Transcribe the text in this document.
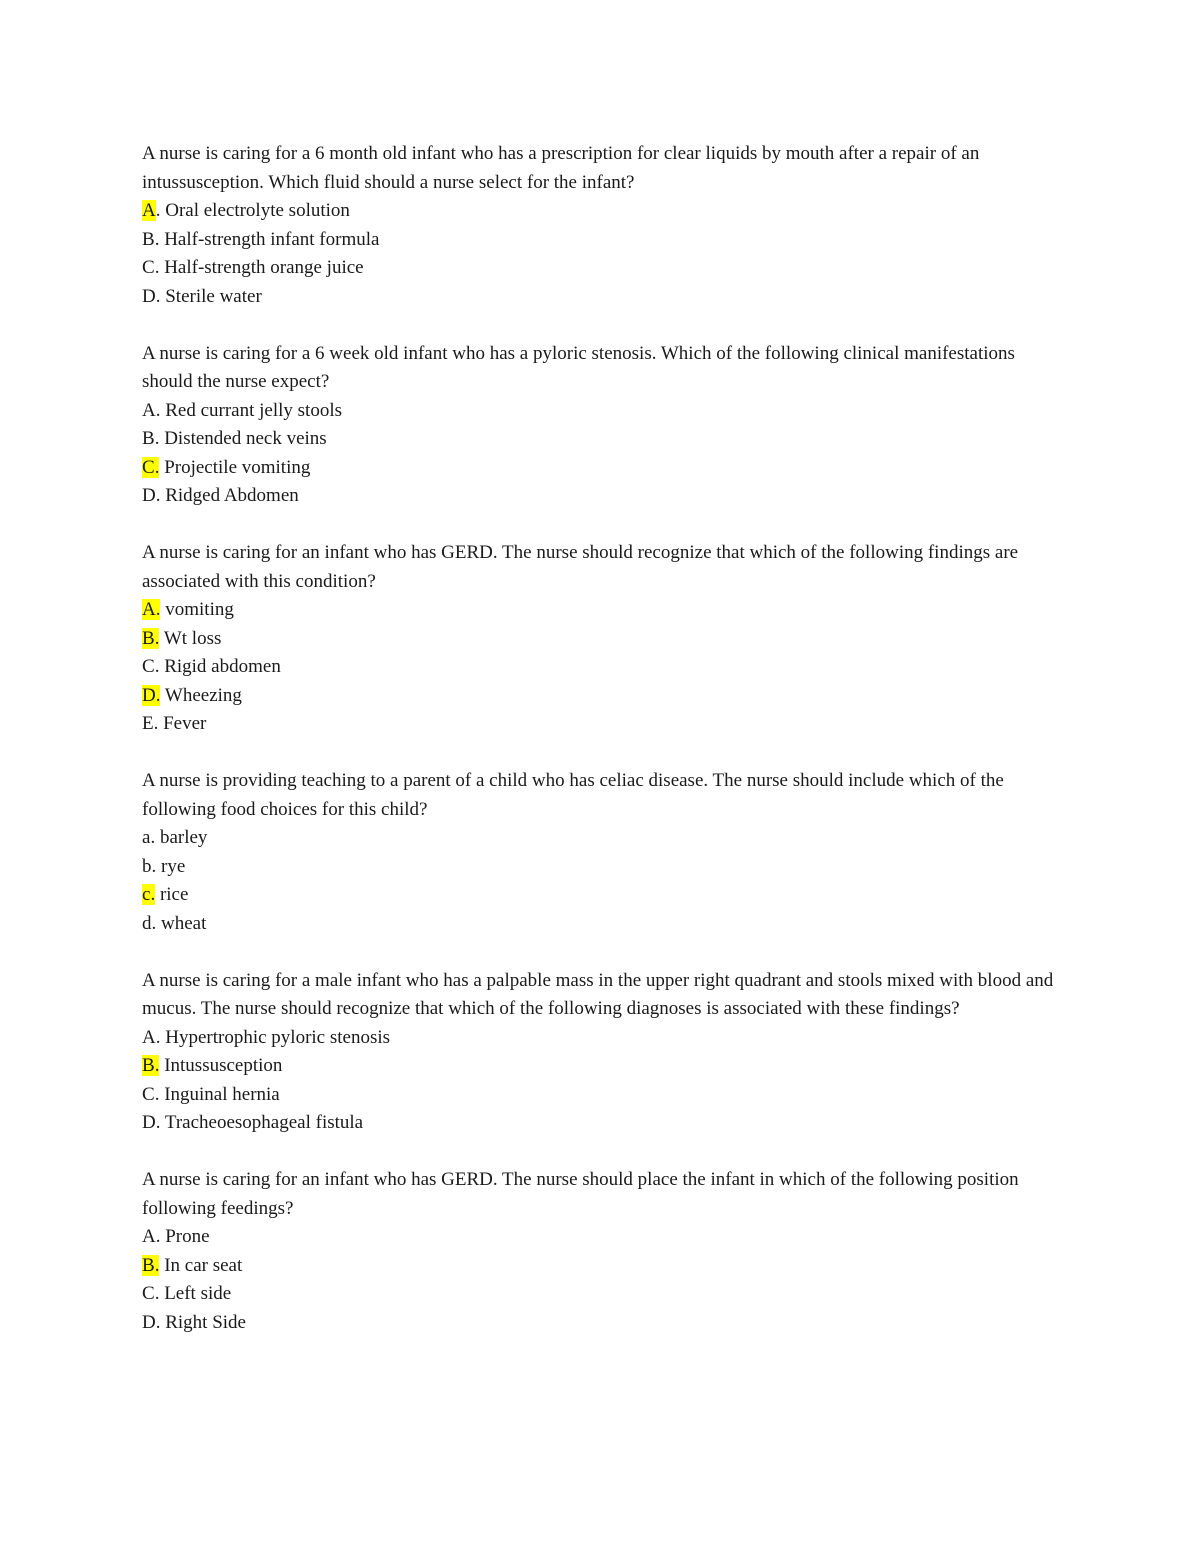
A nurse is caring for a 6 month old infant who has a prescription for clear liquids by mouth after a repair of an intussusception. Which fluid should a nurse select for the infant?

A. Oral electrolyte solution
B. Half-strength infant formula
C. Half-strength orange juice
D. Sterile water

A nurse is caring for a 6 week old infant who has a pyloric stenosis. Which of the following clinical manifestations should the nurse expect?

A. Red currant jelly stools
B. Distended neck veins
C. Projectile vomiting
D. Ridged Abdomen

A nurse is caring for an infant who has GERD. The nurse should recognize that which of the following findings are associated with this condition?

A. vomiting
B. Wt loss
C. Rigid abdomen
D. Wheezing
E. Fever

A nurse is providing teaching to a parent of a child who has celiac disease. The nurse should include which of the following food choices for this child?

a. barley
b. rye
c. rice
d. wheat

A nurse is caring for a male infant who has a palpable mass in the upper right quadrant and stools mixed with blood and mucus. The nurse should recognize that which of the following diagnoses is associated with these findings?

A. Hypertrophic pyloric stenosis
B. Intussusception
C. Inguinal hernia
D. Tracheoesophageal fistula

A nurse is caring for an infant who has GERD. The nurse should place the infant in which of the following position following feedings?

A. Prone
B. In car seat
C. Left side
D. Right Side
